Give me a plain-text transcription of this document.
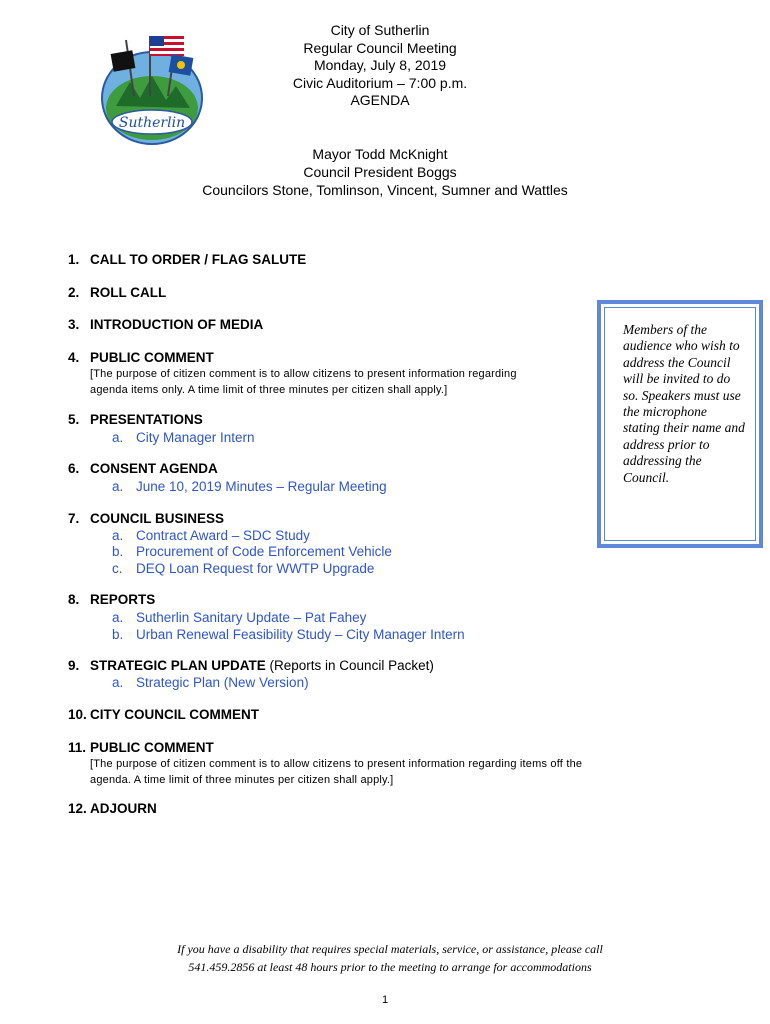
Sutherlin
City of Sutherlin
Regular Council Meeting
Monday, July 8, 2019
Civic Auditorium – 7:00 p.m.
AGENDA
Mayor Todd McKnight
Council President Boggs
Councilors Stone, Tomlinson, Vincent, Sumner and Wattles
1. CALL TO ORDER / FLAG SALUTE
2. ROLL CALL
3. INTRODUCTION OF MEDIA
4. PUBLIC COMMENT
[The purpose of citizen comment is to allow citizens to present information regarding
agenda items only. A time limit of three minutes per citizen shall apply.]
5. PRESENTATIONS
a. City Manager Intern
6. CONSENT AGENDA
a. June 10, 2019 Minutes – Regular Meeting
7. COUNCIL BUSINESS
a. Contract Award – SDC Study
b. Procurement of Code Enforcement Vehicle
c. DEQ Loan Request for WWTP Upgrade
8. REPORTS
a. Sutherlin Sanitary Update – Pat Fahey
b. Urban Renewal Feasibility Study – City Manager Intern
9. STRATEGIC PLAN UPDATE (Reports in Council Packet)
a. Strategic Plan (New Version)
10. CITY COUNCIL COMMENT
11. PUBLIC COMMENT
[The purpose of citizen comment is to allow citizens to present information regarding items off the
agenda. A time limit of three minutes per citizen shall apply.]
12. ADJOURN
Members of the audience who wish to address the Council will be invited to do so. Speakers must use the microphone stating their name and address prior to addressing the Council.
If you have a disability that requires special materials, service, or assistance, please call
541.459.2856 at least 48 hours prior to the meeting to arrange for accommodations
1
